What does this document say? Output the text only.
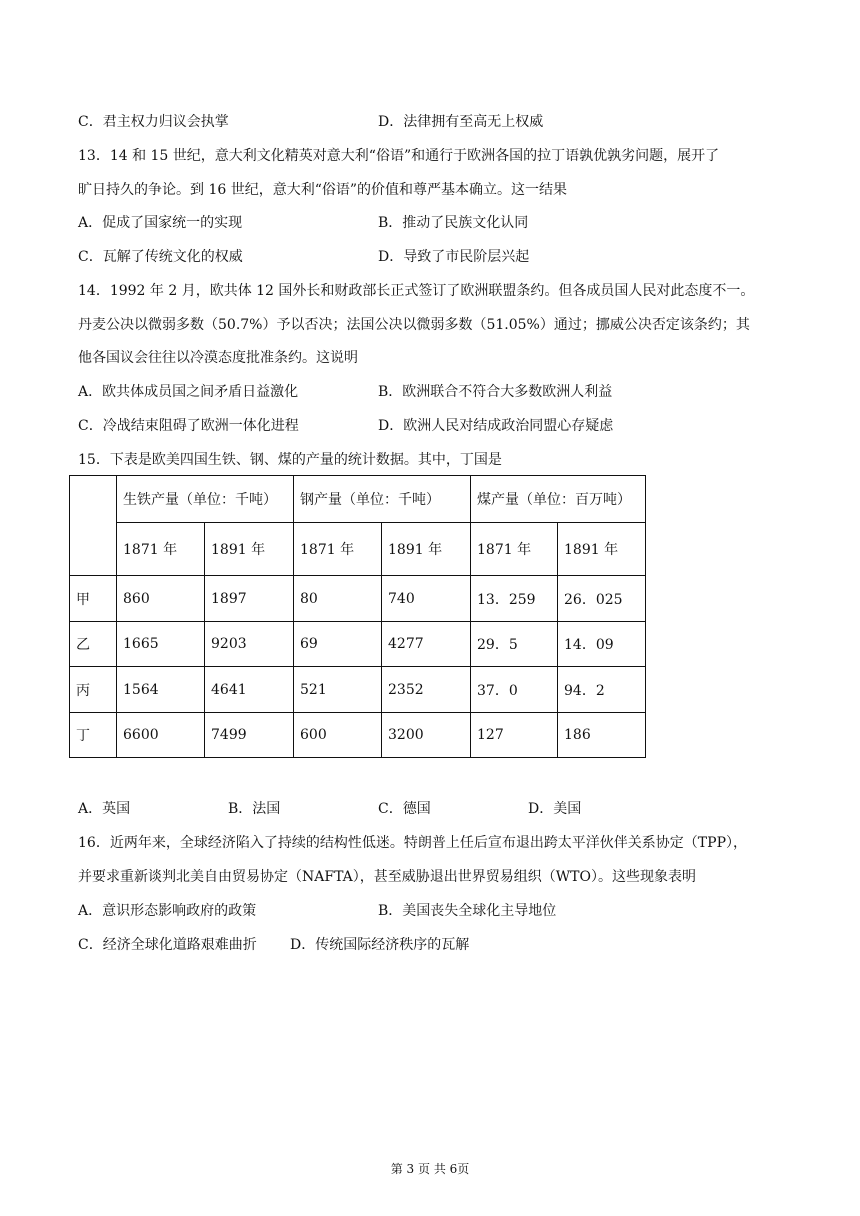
C．君主权力归议会执掌	D．法律拥有至高无上权威
13．14 和 15 世纪，意大利文化精英对意大利“俗语”和通行于欧洲各国的拉丁语孰优孰劣问题，展开了
旷日持久的争论。到 16 世纪，意大利“俗语”的价值和尊严基本确立。这一结果
A．促成了国家统一的实现	B．推动了民族文化认同
C．瓦解了传统文化的权威	D．导致了市民阶层兴起
14．1992 年 2 月，欧共体 12 国外长和财政部长正式签订了欧洲联盟条约。但各成员国人民对此态度不一。
丹麦公决以微弱多数（50.7%）予以否决；法国公决以微弱多数（51.05%）通过；挪威公决否定该条约；其
他各国议会往往以冷漠态度批准条约。这说明
A．欧共体成员国之间矛盾日益激化	B．欧洲联合不符合大多数欧洲人利益
C．冷战结束阻碍了欧洲一体化进程	D．欧洲人民对结成政治同盟心存疑虑
15．下表是欧美四国生铁、钢、煤的产量的统计数据。其中，丁国是
	生铁产量（单位：千吨）		钢产量（单位：千吨）		煤产量（单位：百万吨）	
	1871 年	1891 年	1871 年	1891 年	1871 年	1891 年
甲	860	1897	80	740	13．259	26．025
乙	1665	9203	69	4277	29．5	14．09
丙	1564	4641	521	2352	37．0	94．2
丁	6600	7499	600	3200	127	186
A．英国	B．法国	C．德国	D．美国
16．近两年来，全球经济陷入了持续的结构性低迷。特朗普上任后宣布退出跨太平洋伙伴关系协定（TPP），
并要求重新谈判北美自由贸易协定（NAFTA），甚至威胁退出世界贸易组织（WTO）。这些现象表明
A．意识形态影响政府的政策	B．美国丧失全球化主导地位
C．经济全球化道路艰难曲折 D．传统国际经济秩序的瓦解
第 3 页 共 6页
